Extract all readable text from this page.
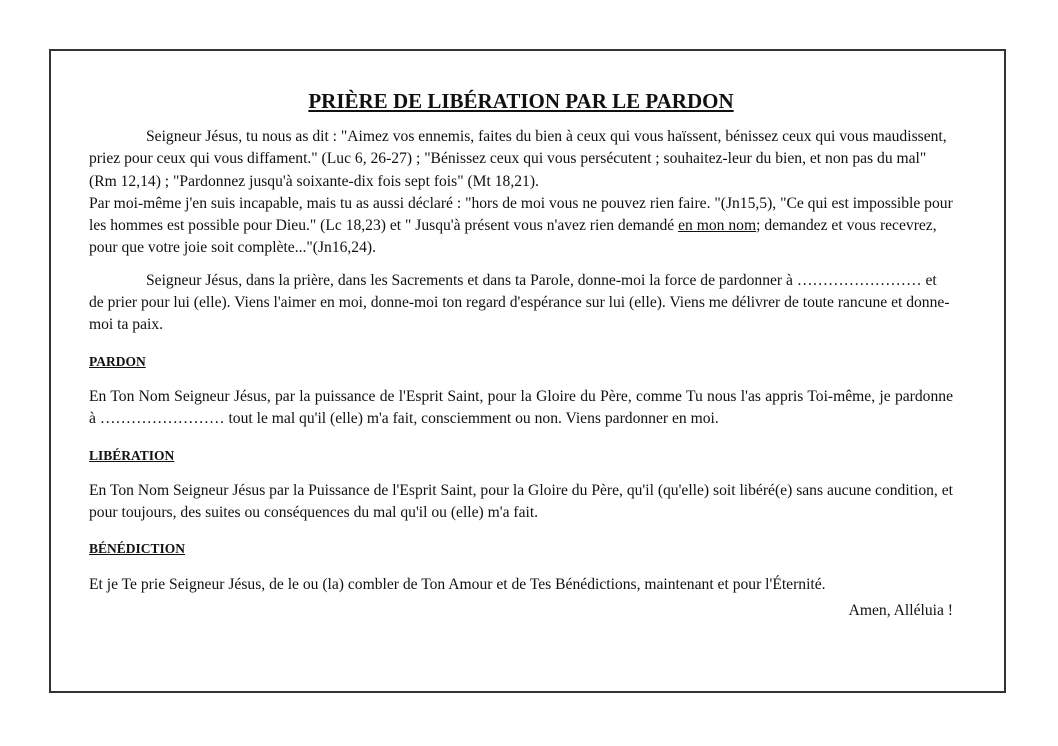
PRIÈRE DE LIBÉRATION PAR LE PARDON

Seigneur Jésus, tu nous as dit : "Aimez vos ennemis, faites du bien à ceux qui vous haïssent, bénissez ceux qui vous maudissent, priez pour ceux qui vous diffament." (Luc 6, 26-27) ; "Bénissez ceux qui vous persécutent ; souhaitez-leur du bien, et non pas du mal" (Rm 12,14) ; "Pardonnez jusqu'à soixante-dix fois sept fois" (Mt 18,21).

Par moi-même j'en suis incapable, mais tu as aussi déclaré : "hors de moi vous ne pouvez rien faire. "(Jn15,5), "Ce qui est impossible pour les hommes est possible pour Dieu." (Lc 18,23) et " Jusqu'à présent vous n'avez rien demandé en mon nom; demandez et vous recevrez, pour que votre joie soit complète..."(Jn16,24).

Seigneur Jésus, dans la prière, dans les Sacrements et dans ta Parole, donne-moi la force de pardonner à …………………… et de prier pour lui (elle). Viens l'aimer en moi, donne-moi ton regard d'espérance sur lui (elle). Viens me délivrer de toute rancune et donne-moi ta paix.

PARDON

En Ton Nom Seigneur Jésus, par la puissance de l'Esprit Saint, pour la Gloire du Père, comme Tu nous l'as appris Toi-même, je pardonne à …………………… tout le mal qu'il (elle) m'a fait, consciemment ou non. Viens pardonner en moi.

LIBÉRATION

En Ton Nom Seigneur Jésus par la Puissance de l'Esprit Saint, pour la Gloire du Père, qu'il (qu'elle) soit libéré(e) sans aucune condition, et pour toujours, des suites ou conséquences du mal qu'il ou (elle) m'a fait.

BÉNÉDICTION

Et je Te prie Seigneur Jésus, de le ou (la) combler de Ton Amour et de Tes Bénédictions, maintenant et pour l'Éternité.

Amen, Alléluia !
